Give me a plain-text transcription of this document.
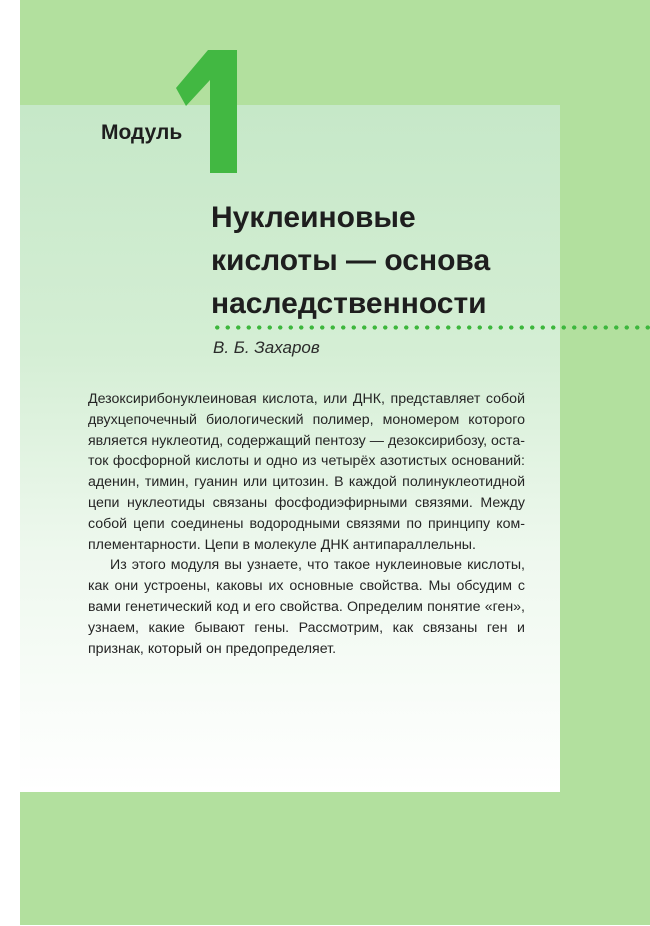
Модуль
Нуклеиновые
кислоты — основа
наследственности
В. Б. Захаров

Дезоксирибонуклеиновая кислота, или ДНК, представляет собой двухцепочечный биологический полимер, мономером которого является нуклеотид, содержащий пентозу — дезоксирибозу, остаток фосфорной кислоты и одно из четырёх азотистых оснований: аденин, тимин, гуанин или цитозин. В каждой полинуклеотидной цепи нуклеотиды связаны фосфодиэфирными связями. Между собой цепи соединены водородными связями по принципу комплементарности. Цепи в молекуле ДНК антипараллельны.

Из этого модуля вы узнаете, что такое нуклеиновые кислоты, как они устроены, каковы их основные свойства. Мы обсудим с вами генетический код и его свойства. Определим понятие «ген», узнаем, какие бывают гены. Рассмотрим, как связаны ген и признак, который он предопределяет.
